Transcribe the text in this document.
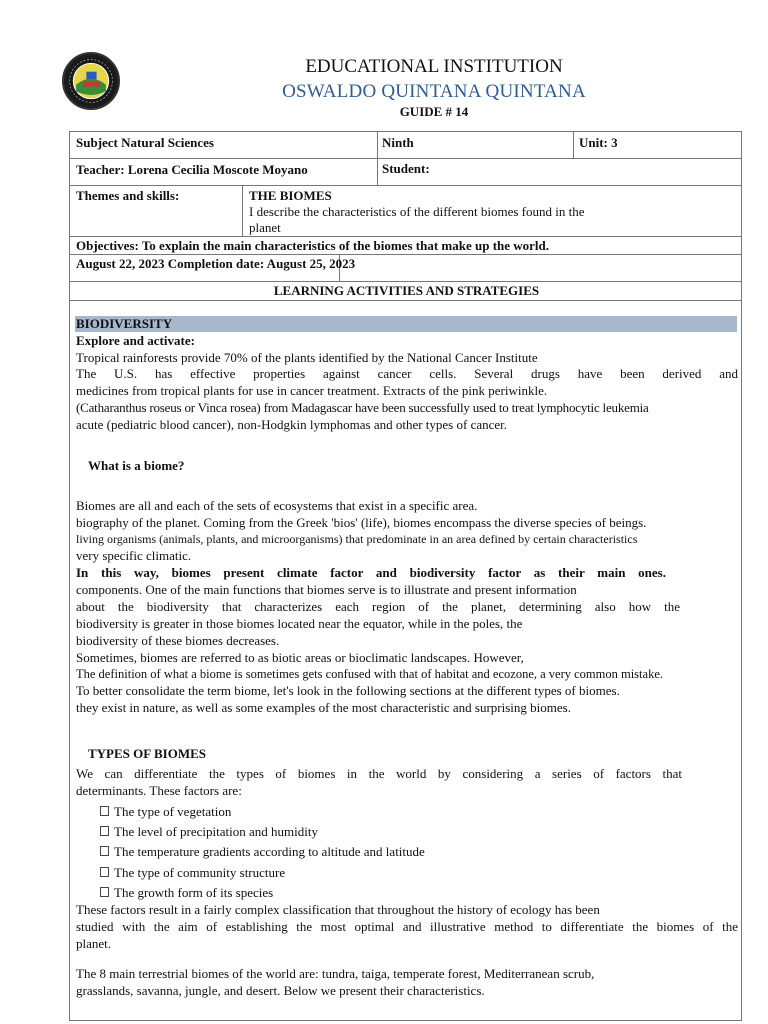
EDUCATIONAL INSTITUTION
OSWALDO QUINTANA QUINTANA
GUIDE # 14
Subject Natural Sciences	Ninth	Unit: 3
Teacher: Lorena Cecilia Moscote Moyano	Student:
Themes and skills:	THE BIOMES
I describe the characteristics of the different biomes found in the
planet
Objectives: To explain the main characteristics of the biomes that make up the world.
August 22, 2023 Completion date: August 25, 2023
LEARNING ACTIVITIES AND STRATEGIES
BIODIVERSITY
Explore and activate:
Tropical rainforests provide 70% of the plants identified by the National Cancer Institute
The U.S. has effective properties against cancer cells. Several drugs have been derived and
medicines from tropical plants for use in cancer treatment. Extracts of the pink periwinkle.
(Catharanthus roseus or Vinca rosea) from Madagascar have been successfully used to treat lymphocytic leukemia
acute (pediatric blood cancer), non-Hodgkin lymphomas and other types of cancer.
What is a biome?
Biomes are all and each of the sets of ecosystems that exist in a specific area.
biography of the planet. Coming from the Greek 'bios' (life), biomes encompass the diverse species of beings.
living organisms (animals, plants, and microorganisms) that predominate in an area defined by certain characteristics
very specific climatic.
In this way, biomes present climate factor and biodiversity factor as their main ones.
components. One of the main functions that biomes serve is to illustrate and present information
about the biodiversity that characterizes each region of the planet, determining also how the
biodiversity is greater in those biomes located near the equator, while in the poles, the
biodiversity of these biomes decreases.
Sometimes, biomes are referred to as biotic areas or bioclimatic landscapes. However,
The definition of what a biome is sometimes gets confused with that of habitat and ecozone, a very common mistake.
To better consolidate the term biome, let's look in the following sections at the different types of biomes.
they exist in nature, as well as some examples of the most characteristic and surprising biomes.
TYPES OF BIOMES
We can differentiate the types of biomes in the world by considering a series of factors that
determinants. These factors are:
The type of vegetation
The level of precipitation and humidity
The temperature gradients according to altitude and latitude
The type of community structure
The growth form of its species
These factors result in a fairly complex classification that throughout the history of ecology has been
studied with the aim of establishing the most optimal and illustrative method to differentiate the biomes of the
planet.
The 8 main terrestrial biomes of the world are: tundra, taiga, temperate forest, Mediterranean scrub,
grasslands, savanna, jungle, and desert. Below we present their characteristics.
